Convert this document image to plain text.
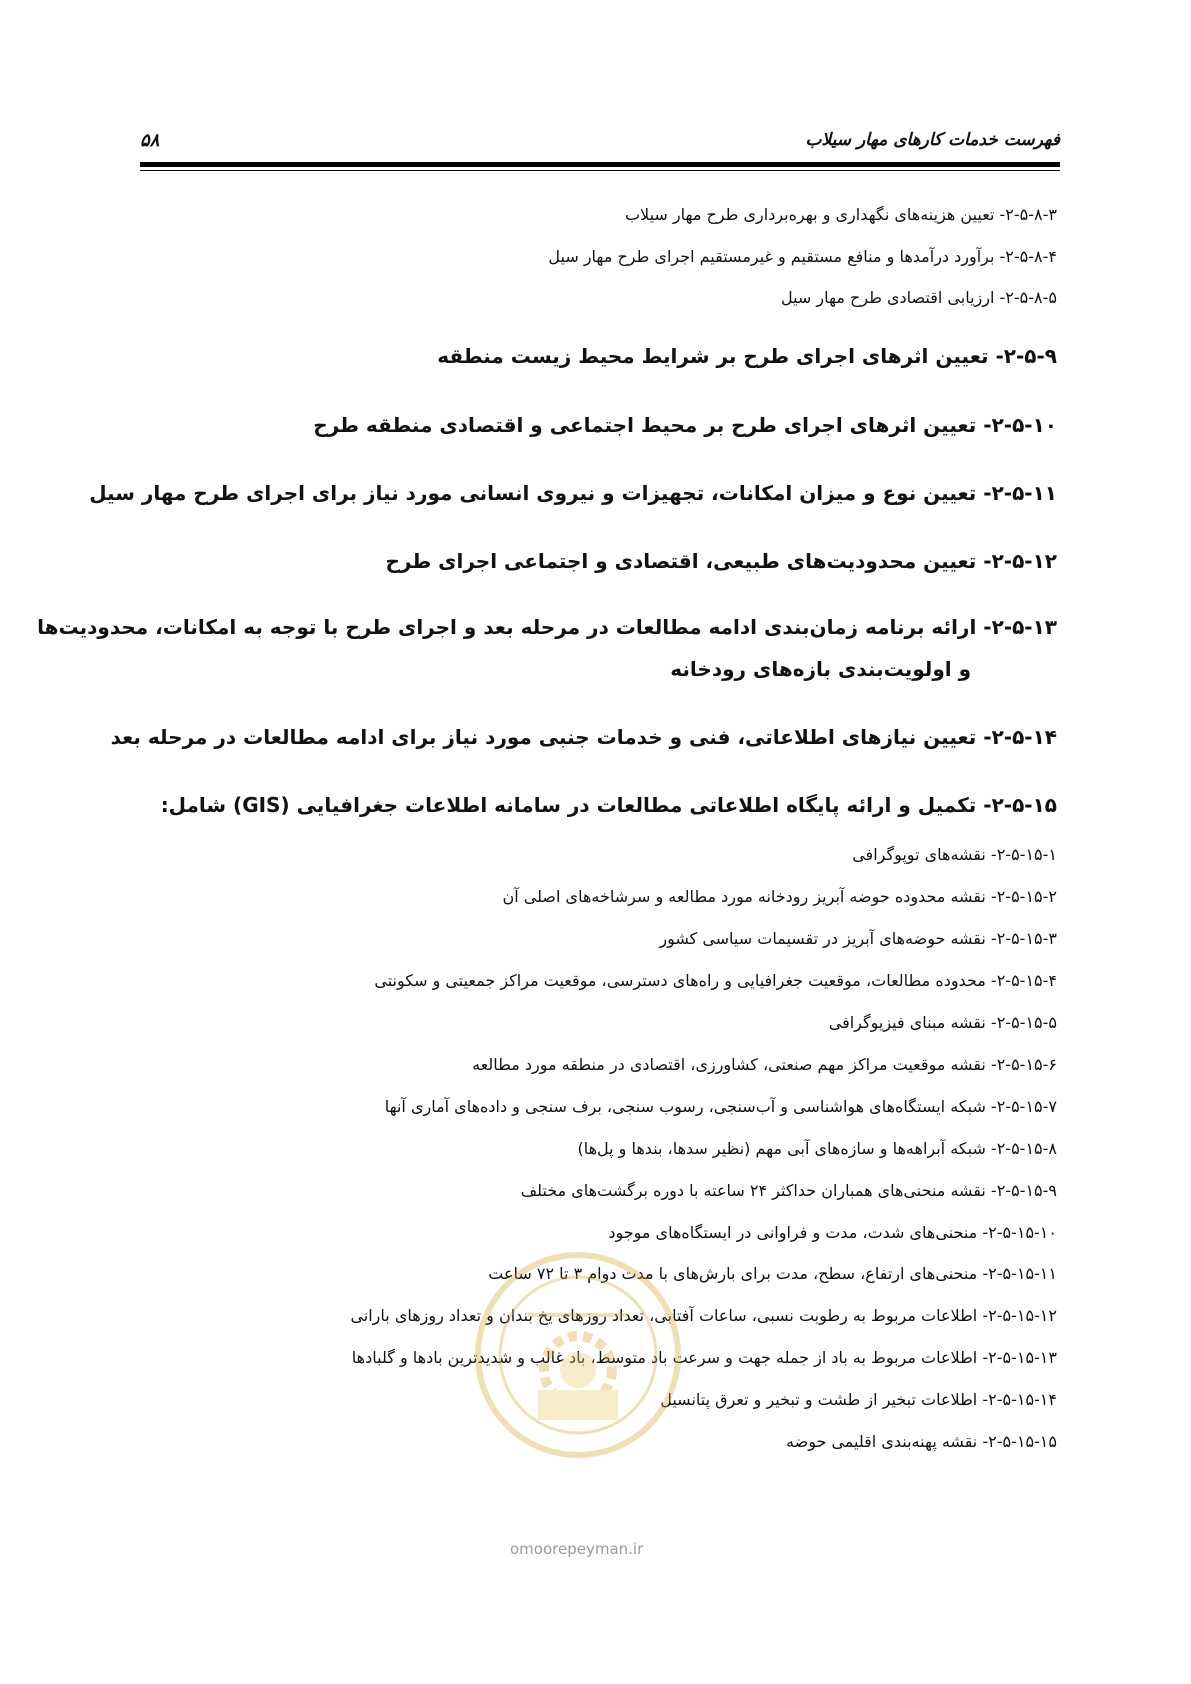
فهرست خدمات کارهای مهار سیلاب
۵۸
۲-۵-۸-۳- تعیین هزینه‌های نگهداری و بهره‌برداری طرح مهار سیلاب
۲-۵-۸-۴- برآورد درآمدها و منافع مستقیم و غیرمستقیم اجرای طرح مهار سیل
۲-۵-۸-۵- ارزیابی اقتصادی طرح مهار سیل
۲-۵-۹- تعیین اثرهای اجرای طرح بر شرایط محیط زیست منطقه
۲-۵-۱۰- تعیین اثرهای اجرای طرح بر محیط اجتماعی و اقتصادی منطقه طرح
۲-۵-۱۱- تعیین نوع و میزان امکانات، تجهیزات و نیروی انسانی مورد نیاز برای اجرای طرح مهار سیل
۲-۵-۱۲- تعیین محدودیت‌های طبیعی، اقتصادی و اجتماعی اجرای طرح
۲-۵-۱۳- ارائه برنامه زمان‌بندی ادامه مطالعات در مرحله بعد و اجرای طرح با توجه به امکانات، محدودیت‌ها
و اولویت‌بندی بازه‌های رودخانه
۲-۵-۱۴- تعیین نیازهای اطلاعاتی، فنی و خدمات جنبی مورد نیاز برای ادامه مطالعات در مرحله بعد
۲-۵-۱۵- تکمیل و ارائه پایگاه اطلاعاتی مطالعات در سامانه اطلاعات جغرافیایی (GIS) شامل:
۲-۵-۱۵-۱- نقشه‌های توپوگرافی
۲-۵-۱۵-۲- نقشه محدوده حوضه آبریز رودخانه مورد مطالعه و سرشاخه‌های اصلی آن
۲-۵-۱۵-۳- نقشه حوضه‌های آبریز در تقسیمات سیاسی کشور
۲-۵-۱۵-۴- محدوده مطالعات، موقعیت جغرافیایی و راه‌های دسترسی، موقعیت مراکز جمعیتی و سکونتی
۲-۵-۱۵-۵- نقشه مبنای فیزیوگرافی
۲-۵-۱۵-۶- نقشه موقعیت مراکز مهم صنعتی، کشاورزی، اقتصادی در منطقه مورد مطالعه
۲-۵-۱۵-۷- شبکه ایستگاه‌های هواشناسی و آب‌سنجی، رسوب سنجی، برف سنجی و داده‌های آماری آنها
۲-۵-۱۵-۸- شبکه آبراهه‌ها و سازه‌های آبی مهم (نظیر سدها، بندها و پل‌ها)
۲-۵-۱۵-۹- نقشه منحنی‌های همباران حداکثر ۲۴ ساعته با دوره برگشت‌های مختلف
۲-۵-۱۵-۱۰- منحنی‌های شدت، مدت و فراوانی در ایستگاه‌های موجود
۲-۵-۱۵-۱۱- منحنی‌های ارتفاع، سطح، مدت برای بارش‌های با مدت دوام ۳ تا ۷۲ ساعت
۲-۵-۱۵-۱۲- اطلاعات مربوط به رطوبت نسبی، ساعات آفتابی، تعداد روزهای یخ بندان و تعداد روزهای بارانی
۲-۵-۱۵-۱۳- اطلاعات مربوط به باد از جمله جهت و سرعت باد متوسط، باد غالب و شدیدترین بادها و گلبادها
۲-۵-۱۵-۱۴- اطلاعات تبخیر از طشت و تبخیر و تعرق پتانسیل
۲-۵-۱۵-۱۵- نقشه پهنه‌بندی اقلیمی حوضه
omoorepeyman.ir
